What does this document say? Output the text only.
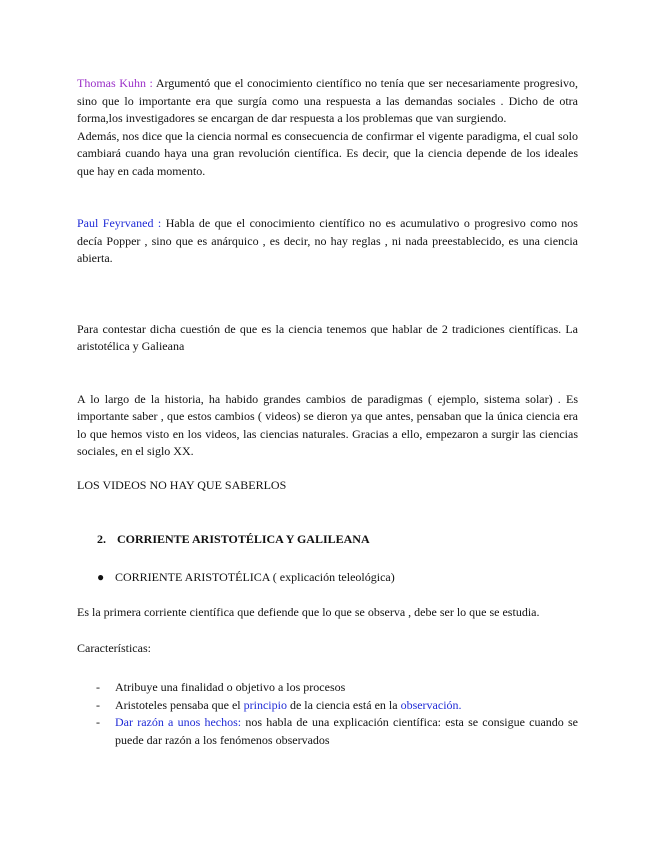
Thomas Kuhn : Argumentó que el conocimiento científico no tenía que ser necesariamente progresivo, sino que lo importante era que surgía como una respuesta a las demandas sociales . Dicho de otra forma,los investigadores se encargan de dar respuesta a los problemas que van surgiendo.

Además, nos dice que la ciencia normal es consecuencia de confirmar el vigente paradigma, el cual solo cambiará cuando haya una gran revolución científica. Es decir, que la ciencia depende de los ideales que hay en cada momento.

Paul Feyrvaned : Habla de que el conocimiento científico no es acumulativo o progresivo como nos decía Popper , sino que es anárquico , es decir, no hay reglas , ni nada preestablecido, es una ciencia abierta.

Para contestar dicha cuestión de que es la ciencia tenemos que hablar de 2 tradiciones científicas. La aristotélica y Galieana

A lo largo de la historia, ha habido grandes cambios de paradigmas ( ejemplo, sistema solar) . Es importante saber , que estos cambios ( videos) se dieron ya que antes, pensaban que la única ciencia era lo que hemos visto en los videos, las ciencias naturales. Gracias a ello, empezaron a surgir las ciencias sociales, en el siglo XX.

LOS VIDEOS NO HAY QUE SABERLOS

2. CORRIENTE ARISTOTÉLICA Y GALILEANA
● CORRIENTE ARISTOTÉLICA ( explicación teleológica)

Es la primera corriente científica que defiende que lo que se observa , debe ser lo que se estudia.

Características:

-	Atribuye una finalidad o objetivo a los procesos
-	Aristoteles pensaba que el principio de la ciencia está en la observación.
-	Dar razón a unos hechos: nos habla de una explicación científica: esta se consigue cuando se puede dar razón a los fenómenos observados
